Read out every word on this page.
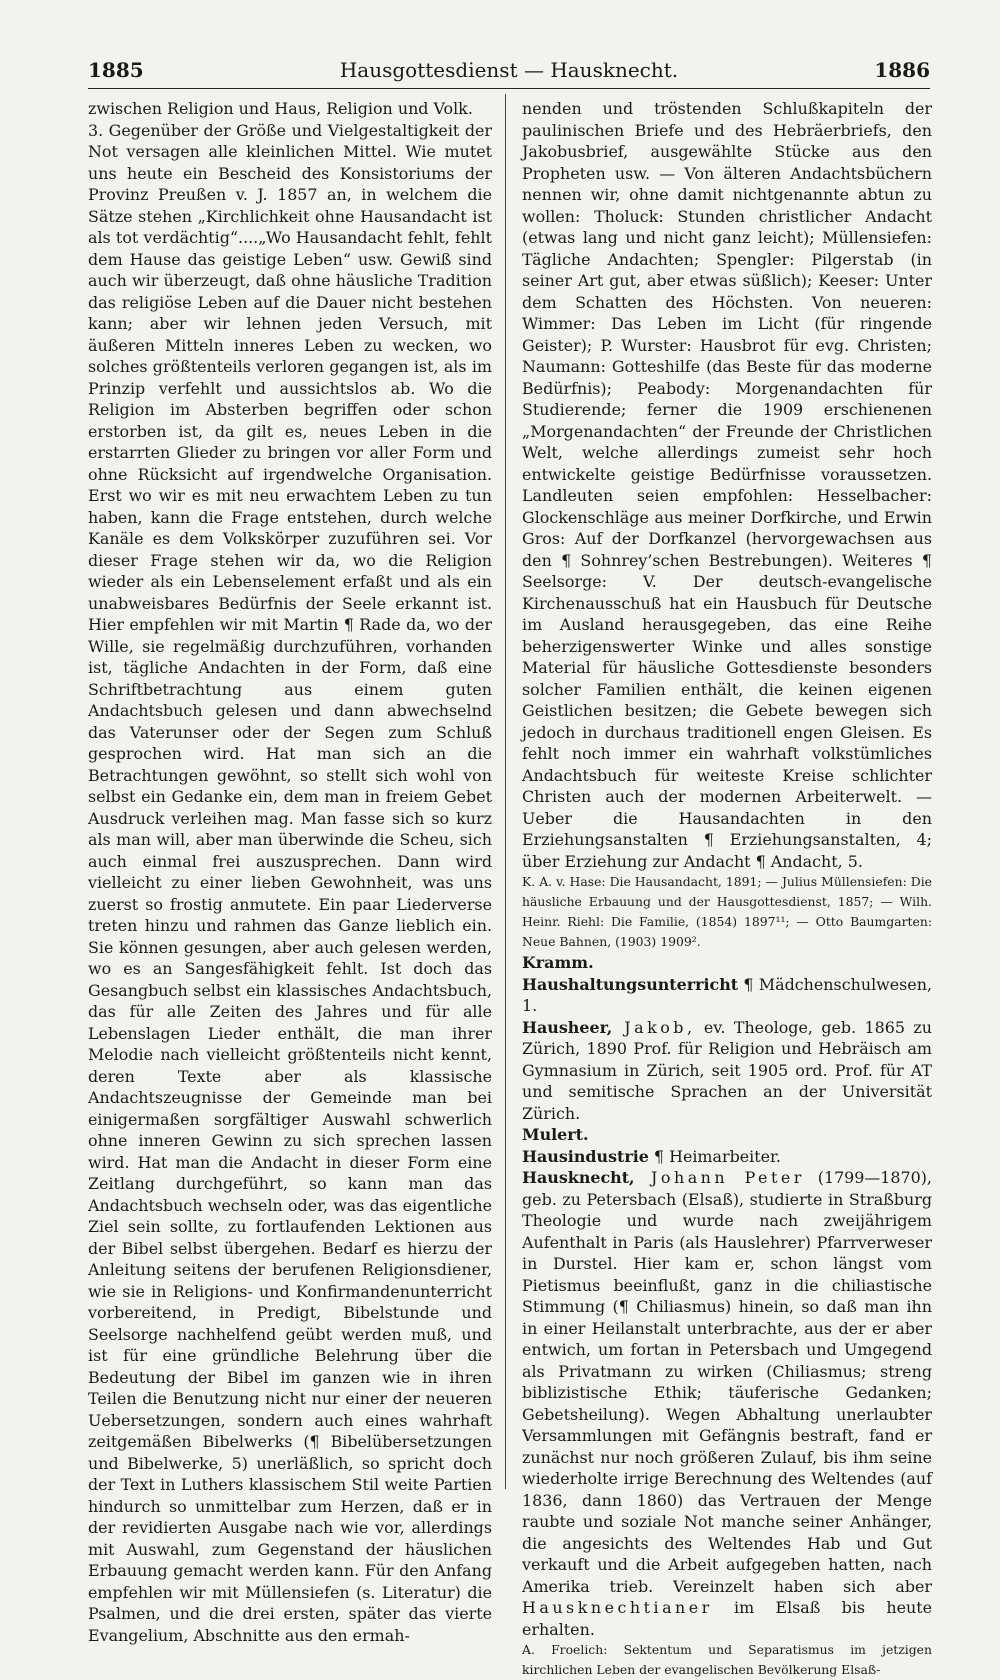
1885	Hausgottesdienst — Hausknecht.	1886

zwischen Religion und Haus, Religion und Volk.

3. Gegenüber der Größe und Vielgestaltigkeit der Not versagen alle kleinlichen Mittel. Wie mutet uns heute ein Bescheid des Konsistoriums der Provinz Preußen v. J. 1857 an, in welchem die Sätze stehen „Kirchlichkeit ohne Hausandacht ist als tot verdächtig“....„Wo Hausandacht fehlt, fehlt dem Hause das geistige Leben“ usw. Gewiß sind auch wir überzeugt, daß ohne häusliche Tradition das religiöse Leben auf die Dauer nicht bestehen kann; aber wir lehnen jeden Versuch, mit äußeren Mitteln inneres Leben zu wecken, wo solches größtenteils verloren gegangen ist, als im Prinzip verfehlt und aussichtslos ab. Wo die Religion im Absterben begriffen oder schon erstorben ist, da gilt es, neues Leben in die erstarrten Glieder zu bringen vor aller Form und ohne Rücksicht auf irgendwelche Organisation. Erst wo wir es mit neu erwachtem Leben zu tun haben, kann die Frage entstehen, durch welche Kanäle es dem Volkskörper zuzuführen sei. Vor dieser Frage stehen wir da, wo die Religion wieder als ein Lebenselement erfaßt und als ein unabweisbares Bedürfnis der Seele erkannt ist. Hier empfehlen wir mit Martin ¶ Rade da, wo der Wille, sie regelmäßig durchzuführen, vorhanden ist, tägliche Andachten in der Form, daß eine Schriftbetrachtung aus einem guten Andachtsbuch gelesen und dann abwechselnd das Vaterunser oder der Segen zum Schluß gesprochen wird. Hat man sich an die Betrachtungen gewöhnt, so stellt sich wohl von selbst ein Gedanke ein, dem man in freiem Gebet Ausdruck verleihen mag. Man fasse sich so kurz als man will, aber man überwinde die Scheu, sich auch einmal frei auszusprechen. Dann wird vielleicht zu einer lieben Gewohnheit, was uns zuerst so frostig anmutete. Ein paar Liederverse treten hinzu und rahmen das Ganze lieblich ein. Sie können gesungen, aber auch gelesen werden, wo es an Sangesfähigkeit fehlt. Ist doch das Gesangbuch selbst ein klassisches Andachtsbuch, das für alle Zeiten des Jahres und für alle Lebenslagen Lieder enthält, die man ihrer Melodie nach vielleicht größtenteils nicht kennt, deren Texte aber als klassische Andachtszeugnisse der Gemeinde man bei einigermaßen sorgfältiger Auswahl schwerlich ohne inneren Gewinn zu sich sprechen lassen wird. Hat man die Andacht in dieser Form eine Zeitlang durchgeführt, so kann man das Andachtsbuch wechseln oder, was das eigentliche Ziel sein sollte, zu fortlaufenden Lektionen aus der Bibel selbst übergehen. Bedarf es hierzu der Anleitung seitens der berufenen Religionsdiener, wie sie in Religions- und Konfirmandenunterricht vorbereitend, in Predigt, Bibelstunde und Seelsorge nachhelfend geübt werden muß, und ist für eine gründliche Belehrung über die Bedeutung der Bibel im ganzen wie in ihren Teilen die Benutzung nicht nur einer der neueren Uebersetzungen, sondern auch eines wahrhaft zeitgemäßen Bibelwerks (¶ Bibelübersetzungen und Bibelwerke, 5) unerläßlich, so spricht doch der Text in Luthers klassischem Stil weite Partien hindurch so unmittelbar zum Herzen, daß er in der revidierten Ausgabe nach wie vor, allerdings mit Auswahl, zum Gegenstand der häuslichen Erbauung gemacht werden kann. Für den Anfang empfehlen wir mit Müllensiefen (s. Literatur) die Psalmen, und die drei ersten, später das vierte Evangelium, Abschnitte aus den ermah-

nenden und tröstenden Schlußkapiteln der paulinischen Briefe und des Hebräerbriefs, den Jakobusbrief, ausgewählte Stücke aus den Propheten usw. — Von älteren Andachtsbüchern nennen wir, ohne damit nichtgenannte abtun zu wollen: Tholuck: Stunden christlicher Andacht (etwas lang und nicht ganz leicht); Müllensiefen: Tägliche Andachten; Spengler: Pilgerstab (in seiner Art gut, aber etwas süßlich); Keeser: Unter dem Schatten des Höchsten. Von neueren: Wimmer: Das Leben im Licht (für ringende Geister); P. Wurster: Hausbrot für evg. Christen; Naumann: Gotteshilfe (das Beste für das moderne Bedürfnis); Peabody: Morgenandachten für Studierende; ferner die 1909 erschienenen „Morgenandachten“ der Freunde der Christlichen Welt, welche allerdings zumeist sehr hoch entwickelte geistige Bedürfnisse voraussetzen. Landleuten seien empfohlen: Hesselbacher: Glockenschläge aus meiner Dorfkirche, und Erwin Gros: Auf der Dorfkanzel (hervorgewachsen aus den ¶ Sohnrey’schen Bestrebungen). Weiteres ¶ Seelsorge: V. Der deutsch-evangelische Kirchenausschuß hat ein Hausbuch für Deutsche im Ausland herausgegeben, das eine Reihe beherzigenswerter Winke und alles sonstige Material für häusliche Gottesdienste besonders solcher Familien enthält, die keinen eigenen Geistlichen besitzen; die Gebete bewegen sich jedoch in durchaus traditionell engen Gleisen. Es fehlt noch immer ein wahrhaft volkstümliches Andachtsbuch für weiteste Kreise schlichter Christen auch der modernen Arbeiterwelt. — Ueber die Hausandachten in den Erziehungsanstalten ¶ Erziehungsanstalten, 4; über Erziehung zur Andacht ¶ Andacht, 5.

K. A. v. Hase: Die Hausandacht, 1891; — Julius Müllensiefen: Die häusliche Erbauung und der Hausgottesdienst, 1857; — Wilh. Heinr. Riehl: Die Familie, (1854) 1897¹¹; — Otto Baumgarten: Neue Bahnen, (1903) 1909².

Kramm.

Haushaltungsunterricht ¶ Mädchenschulwesen, 1.

Hausheer, Jakob, ev. Theologe, geb. 1865 zu Zürich, 1890 Prof. für Religion und Hebräisch am Gymnasium in Zürich, seit 1905 ord. Prof. für AT und semitische Sprachen an der Universität Zürich.

Mulert.

Hausindustrie ¶ Heimarbeiter.

Hausknecht, Johann Peter (1799—1870), geb. zu Petersbach (Elsaß), studierte in Straßburg Theologie und wurde nach zweijährigem Aufenthalt in Paris (als Hauslehrer) Pfarrverweser in Durstel. Hier kam er, schon längst vom Pietismus beeinflußt, ganz in die chiliastische Stimmung (¶ Chiliasmus) hinein, so daß man ihn in einer Heilanstalt unterbrachte, aus der er aber entwich, um fortan in Petersbach und Umgegend als Privatmann zu wirken (Chiliasmus; streng biblizistische Ethik; täuferische Gedanken; Gebetsheilung). Wegen Abhaltung unerlaubter Versammlungen mit Gefängnis bestraft, fand er zunächst nur noch größeren Zulauf, bis ihm seine wiederholte irrige Berechnung des Weltendes (auf 1836, dann 1860) das Vertrauen der Menge raubte und soziale Not manche seiner Anhänger, die angesichts des Weltendes Hab und Gut verkauft und die Arbeit aufgegeben hatten, nach Amerika trieb. Vereinzelt haben sich aber Hausknechtianer im Elsaß bis heute erhalten.

A. Froelich: Sektentum und Separatismus im jetzigen kirchlichen Leben der evangelischen Bevölkerung Elsaß-
